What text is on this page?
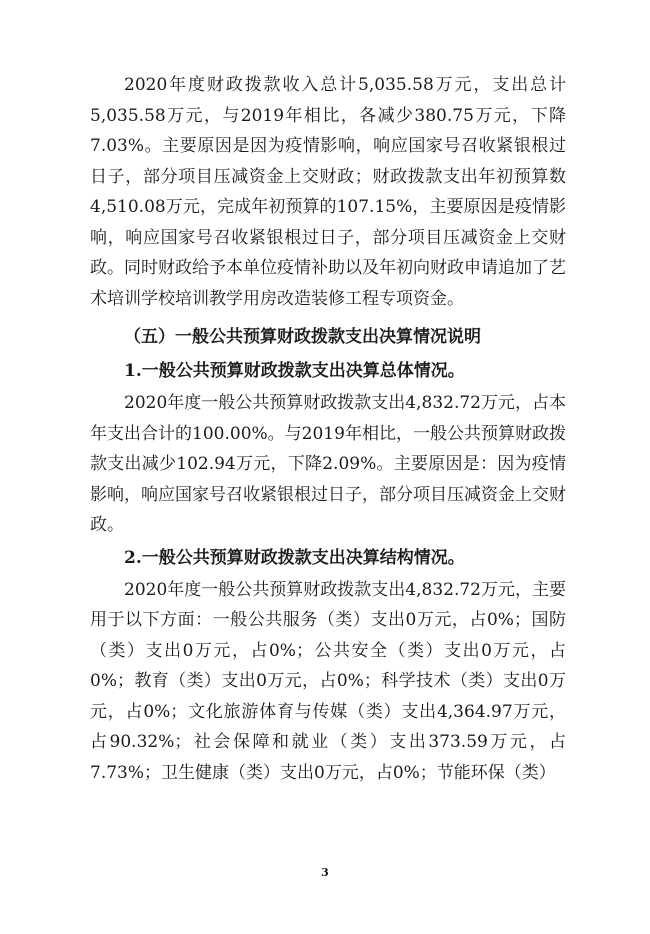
2020年度财政拨款收入总计5,035.58万元，支出总计5,035.58万元，与2019年相比，各减少380.75万元，下降7.03%。主要原因是因为疫情影响，响应国家号召收紧银根过日子，部分项目压减资金上交财政；财政拨款支出年初预算数4,510.08万元，完成年初预算的107.15%，主要原因是疫情影响，响应国家号召收紧银根过日子，部分项目压减资金上交财政。同时财政给予本单位疫情补助以及年初向财政申请追加了艺术培训学校培训教学用房改造装修工程专项资金。

（五）一般公共预算财政拨款支出决算情况说明

1.一般公共预算财政拨款支出决算总体情况。

2020年度一般公共预算财政拨款支出4,832.72万元，占本年支出合计的100.00%。与2019年相比，一般公共预算财政拨款支出减少102.94万元，下降2.09%。主要原因是：因为疫情影响，响应国家号召收紧银根过日子，部分项目压减资金上交财政。

2.一般公共预算财政拨款支出决算结构情况。

2020年度一般公共预算财政拨款支出4,832.72万元，主要用于以下方面：一般公共服务（类）支出0万元，占0%；国防（类）支出0万元，占0%；公共安全（类）支出0万元，占0%；教育（类）支出0万元，占0%；科学技术（类）支出0万元，占0%；文化旅游体育与传媒（类）支出4,364.97万元，占90.32%；社会保障和就业（类）支出373.59万元，占7.73%；卫生健康（类）支出0万元，占0%；节能环保（类）

3
